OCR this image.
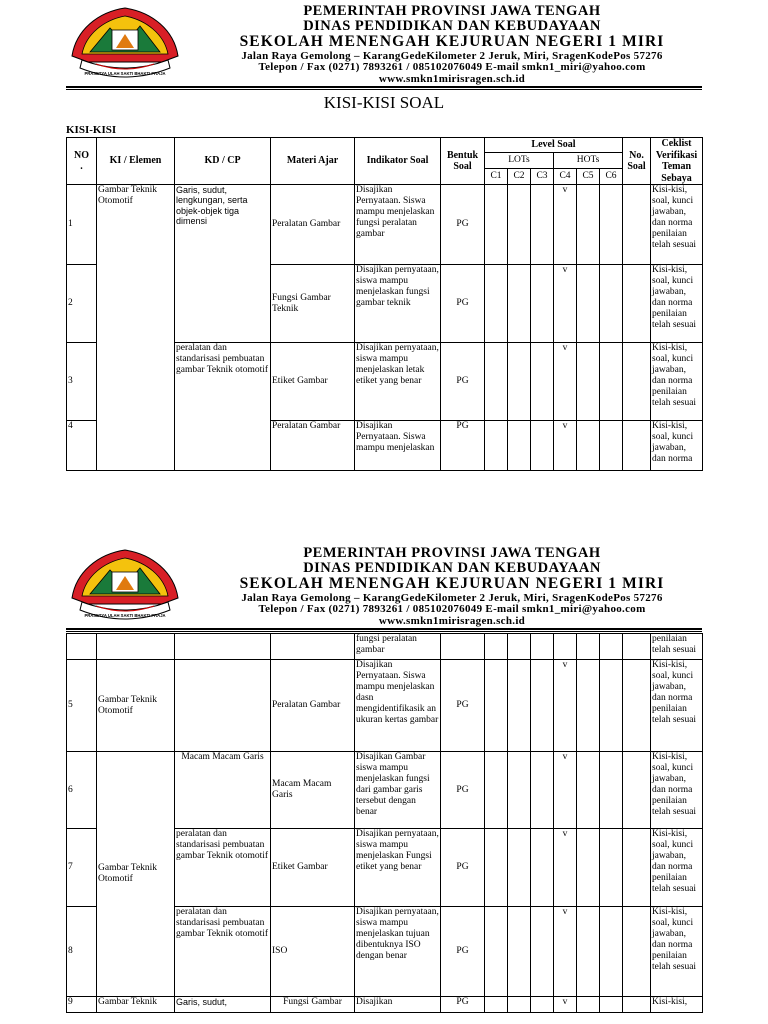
PRASETYA ULAH SAKTI BHAKTI PRAJA
PEMERINTAH PROVINSI JAWA TENGAH
DINAS PENDIDIKAN DAN KEBUDAYAAN
SEKOLAH MENENGAH KEJURUAN NEGERI 1 MIRI
Jalan Raya Gemolong – KarangGedeKilometer 2 Jeruk, Miri, SragenKodePos 57276
Telepon / Fax (0271) 7893261 / 085102076049 E-mail smkn1_miri@yahoo.com
www.smkn1mirisragen.sch.id
KISI-KISI SOAL
KISI-KISI
NO
.	KI / Elemen	KD / CP	Materi Ajar	Indikator Soal	Bentuk Soal	Level Soal						No. Soal	Ceklist Verifikasi Teman Sebaya
						LOTs			HOTs				
						C1	C2	C3	C4	C5	C6		
1	Gambar Teknik Otomotif	Garis, sudut, lengkungan, serta objek-objek tiga dimensi	Peralatan Gambar	Disajikan Pernyataan. Siswa mampu menjelaskan fungsi peralatan gambar	PG				v				Kisi-kisi, soal, kunci jawaban, dan norma penilaian telah sesuai
2			Fungsi Gambar Teknik	Disajikan pernyataan, siswa mampu menjelaskan fungsi gambar teknik	PG				v				Kisi-kisi, soal, kunci jawaban, dan norma penilaian telah sesuai
3		peralatan dan standarisasi pembuatan gambar Teknik otomotif	Etiket Gambar	Disajikan pernyataan, siswa mampu menjelaskan letak etiket yang benar	PG				v				Kisi-kisi, soal, kunci jawaban, dan norma penilaian telah sesuai
4			Peralatan Gambar	Disajikan Pernyataan. Siswa mampu menjelaskan	PG				v				Kisi-kisi, soal, kunci jawaban, dan norma
PRASETYA ULAH SAKTI BHAKTI PRAJA
PEMERINTAH PROVINSI JAWA TENGAH
DINAS PENDIDIKAN DAN KEBUDAYAAN
SEKOLAH MENENGAH KEJURUAN NEGERI 1 MIRI
Jalan Raya Gemolong – KarangGedeKilometer 2 Jeruk, Miri, SragenKodePos 57276
Telepon / Fax (0271) 7893261 / 085102076049 E-mail smkn1_miri@yahoo.com
www.smkn1mirisragen.sch.id
				fungsi peralatan gambar									penilaian telah sesuai
5	Gambar Teknik Otomotif		Peralatan Gambar	Disajikan Pernyataan. Siswa mampu menjelaskan dasn mengidentifikasik an ukuran kertas gambar	PG				v				Kisi-kisi, soal, kunci jawaban, dan norma penilaian telah sesuai
6	Gambar Teknik Otomotif	Macam Macam Garis	Macam Macam Garis	Disajikan Gambar siswa mampu menjelaskan fungsi dari gambar garis tersebut dengan benar	PG				v				Kisi-kisi, soal, kunci jawaban, dan norma penilaian telah sesuai
7		peralatan dan standarisasi pembuatan gambar Teknik otomotif	Etiket Gambar	Disajikan pernyataan, siswa mampu menjelaskan Fungsi etiket yang benar	PG				v				Kisi-kisi, soal, kunci jawaban, dan norma penilaian telah sesuai
8		peralatan dan standarisasi pembuatan gambar Teknik otomotif	ISO	Disajikan pernyataan, siswa mampu menjelaskan tujuan dibentuknya ISO dengan benar	PG				v				Kisi-kisi, soal, kunci jawaban, dan norma penilaian telah sesuai
9	Gambar Teknik	Garis, sudut,	Fungsi Gambar	Disajikan	PG				v				Kisi-kisi,
